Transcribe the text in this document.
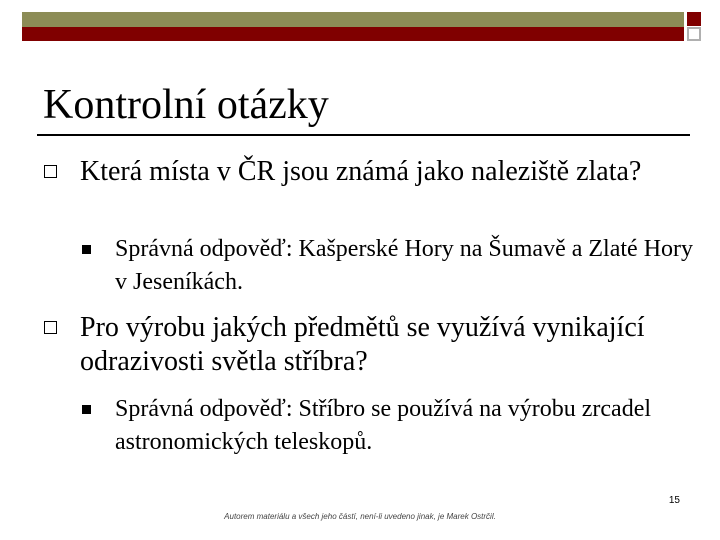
Kontrolní otázky
Která místa v ČR jsou známá jako naleziště zlata?
Správná odpověď: Kašperské Hory na Šumavě a Zlaté Hory v Jeseníkách.
Pro výrobu jakých předmětů se využívá vynikající odrazivosti světla stříbra?
Správná odpověď: Stříbro se používá na výrobu zrcadel astronomických teleskopů.
15
Autorem materiálu a všech jeho částí, není-li uvedeno jinak, je Marek Ostrčil.
